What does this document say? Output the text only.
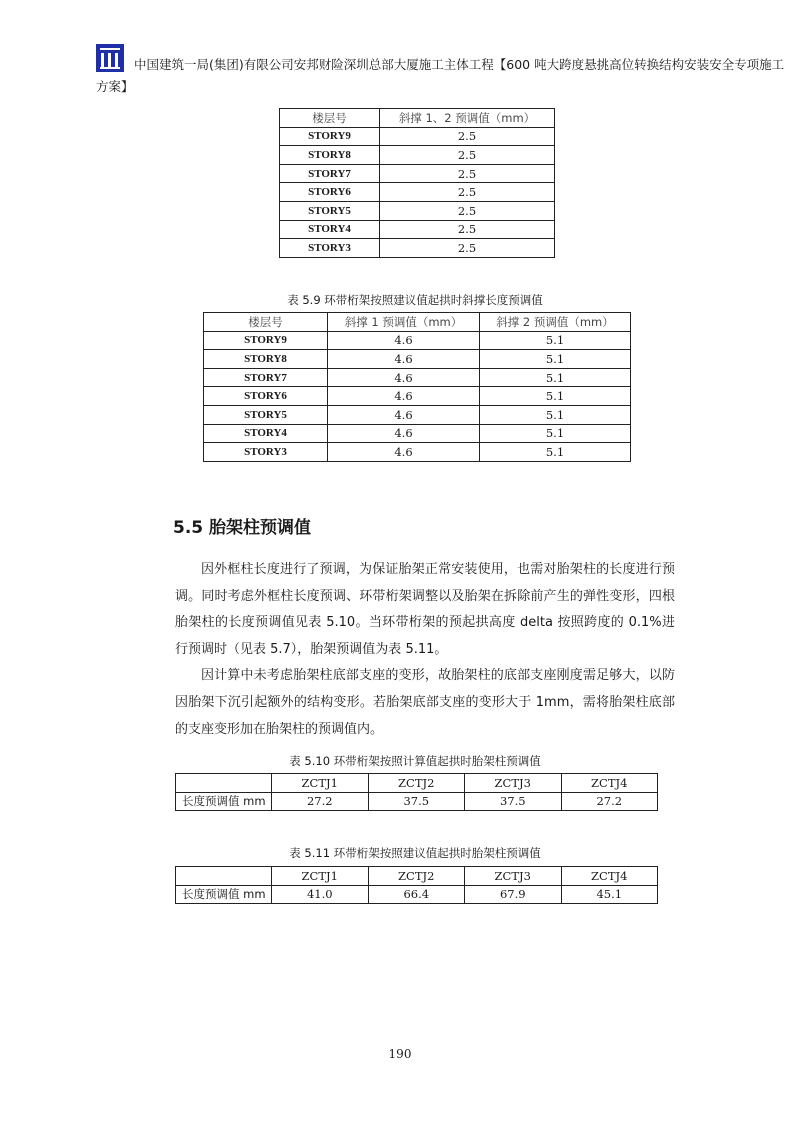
中国建筑一局(集团)有限公司安邦财险深圳总部大厦施工主体工程【600 吨大跨度悬挑高位转换结构安装安全专项施工
方案】
楼层号	斜撑 1、2 预调值（mm）
STORY9	2.5
STORY8	2.5
STORY7	2.5
STORY6	2.5
STORY5	2.5
STORY4	2.5
STORY3	2.5
表 5.9 环带桁架按照建议值起拱时斜撑长度预调值
楼层号	斜撑 1 预调值（mm）	斜撑 2 预调值（mm）
STORY9	4.6	5.1
STORY8	4.6	5.1
STORY7	4.6	5.1
STORY6	4.6	5.1
STORY5	4.6	5.1
STORY4	4.6	5.1
STORY3	4.6	5.1
5.5 胎架柱预调值

因外框柱长度进行了预调，为保证胎架正常安装使用，也需对胎架柱的长度进行预调。同时考虑外框柱长度预调、环带桁架调整以及胎架在拆除前产生的弹性变形，四根胎架柱的长度预调值见表 5.10。当环带桁架的预起拱高度 delta 按照跨度的 0.1%进行预调时（见表 5.7），胎架预调值为表 5.11。

因计算中未考虑胎架柱底部支座的变形，故胎架柱的底部支座刚度需足够大，以防因胎架下沉引起额外的结构变形。若胎架底部支座的变形大于 1mm，需将胎架柱底部的支座变形加在胎架柱的预调值内。

表 5.10 环带桁架按照计算值起拱时胎架柱预调值
	ZCTJ1	ZCTJ2	ZCTJ3	ZCTJ4
长度预调值 mm	27.2	37.5	37.5	27.2
表 5.11 环带桁架按照建议值起拱时胎架柱预调值
	ZCTJ1	ZCTJ2	ZCTJ3	ZCTJ4
长度预调值 mm	41.0	66.4	67.9	45.1
190
